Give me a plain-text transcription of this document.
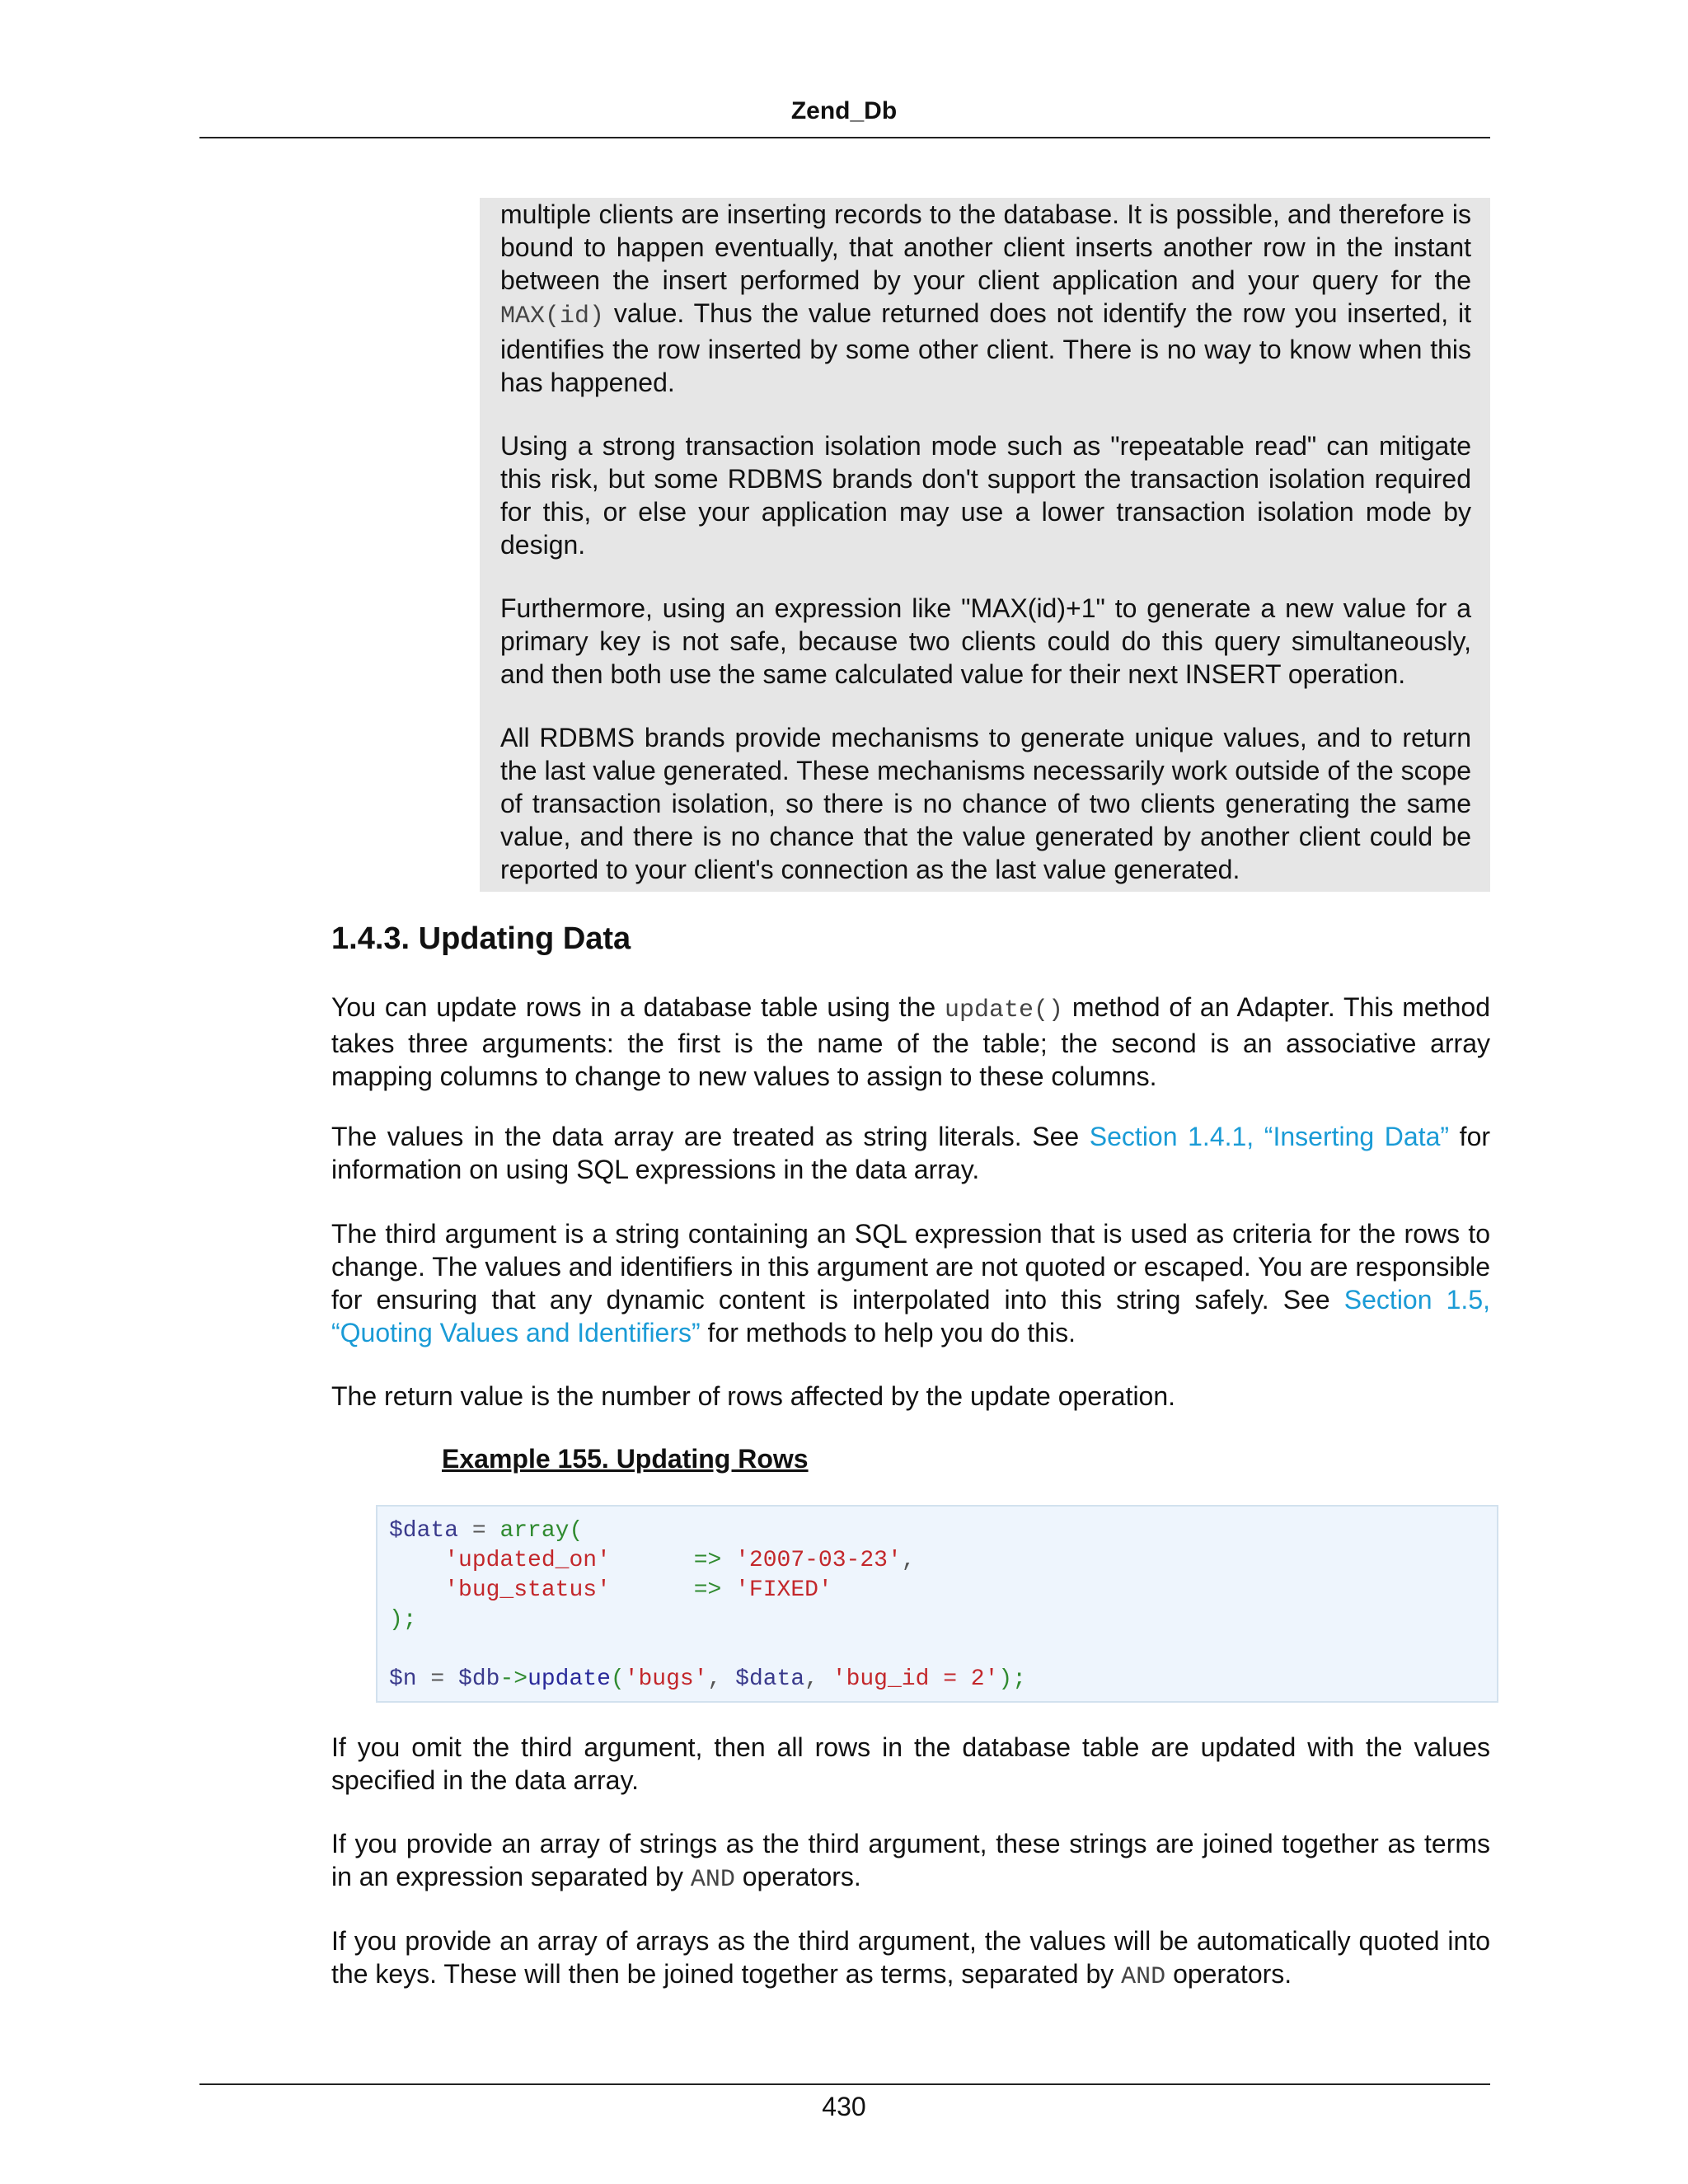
Zend_Db

multiple clients are inserting records to the database. It is possible, and therefore is bound to happen eventually, that another client inserts another row in the instant between the insert performed by your client application and your query for the MAX(id) value. Thus the value returned does not identify the row you inserted, it identifies the row inserted by some other client. There is no way to know when this has happened.

Using a strong transaction isolation mode such as "repeatable read" can mitigate this risk, but some RDBMS brands don't support the transaction isolation required for this, or else your application may use a lower transaction isolation mode by design.

Furthermore, using an expression like "MAX(id)+1" to generate a new value for a primary key is not safe, because two clients could do this query simultaneously, and then both use the same calculated value for their next INSERT operation.

All RDBMS brands provide mechanisms to generate unique values, and to return the last value generated. These mechanisms necessarily work outside of the scope of transaction isolation, so there is no chance of two clients generating the same value, and there is no chance that the value generated by another client could be reported to your client's connection as the last value generated.

1.4.3. Updating Data

You can update rows in a database table using the update() method of an Adapter. This method takes three arguments: the first is the name of the table; the second is an associative array mapping columns to change to new values to assign to these columns.

The values in the data array are treated as string literals. See Section 1.4.1, “Inserting Data” for information on using SQL expressions in the data array.

The third argument is a string containing an SQL expression that is used as criteria for the rows to change. The values and identifiers in this argument are not quoted or escaped. You are responsible for ensuring that any dynamic content is interpolated into this string safely. See Section 1.5, “Quoting Values and Identifiers” for methods to help you do this.

The return value is the number of rows affected by the update operation.

Example 155. Updating Rows
$data = array(
'updated_on'	=> '2007-03-23',
'bug_status'	=> 'FIXED'
);

$n = $db->update('bugs', $data, 'bug_id = 2');

If you omit the third argument, then all rows in the database table are updated with the values specified in the data array.

If you provide an array of strings as the third argument, these strings are joined together as terms in an expression separated by AND operators.

If you provide an array of arrays as the third argument, the values will be automatically quoted into the keys. These will then be joined together as terms, separated by AND operators.

430
